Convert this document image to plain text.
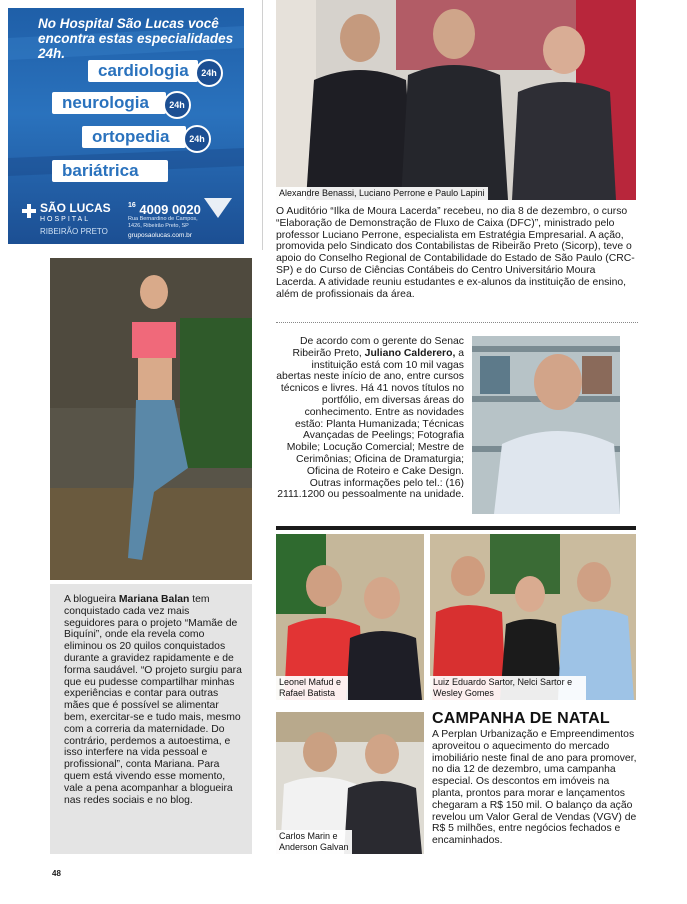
No Hospital São Lucas você encontra estas especialidades 24h.
cardiologia	24h
neurologia	24h
ortopedia	24h
bariátrica
SÃO LUCAS
HOSPITAL
RIBEIRÃO PRETO
$^{16}$ 4009 0020
Rua Bernardino de Campos, 1426, Ribeirão Preto, SP
gruposaolucas.com.br
Alexandre Benassi, Luciano Perrone e Paulo Lapini
O Auditório “Ilka de Moura Lacerda” recebeu, no dia 8 de dezembro, o curso “Elaboração de Demonstração de Fluxo de Caixa (DFC)”, ministrado pelo professor Luciano Perrone, especialista em Estratégia Empresarial. A ação, promovida pelo Sindicato dos Contabilistas de Ribeirão Preto (Sicorp), teve o apoio do Conselho Regional de Contabilidade do Estado de São Paulo (CRC-SP) e do Curso de Ciências Contábeis do Centro Universitário Moura Lacerda. A atividade reuniu estudantes e ex-alunos da instituição de ensino, além de profissionais da área.
De acordo com o gerente do Senac Ribeirão Preto, Juliano Calderero, a instituição está com 10 mil vagas abertas neste início de ano, entre cursos técnicos e livres. Há 41 novos títulos no portfólio, em diversas áreas do conhecimento. Entre as novidades estão: Planta Humanizada; Técnicas Avançadas de Peelings; Fotografia Mobile; Locução Comercial; Mestre de Cerimônias; Oficina de Dramaturgia; Oficina de Roteiro e Cake Design. Outras informações pelo tel.: (16) 2111.1200 ou pessoalmente na unidade.
A blogueira Mariana Balan tem conquistado cada vez mais seguidores para o projeto “Mamãe de Biquíni”, onde ela revela como eliminou os 20 quilos conquistados durante a gravidez rapidamente e de forma saudável. “O projeto surgiu para que eu pudesse compartilhar minhas experiências e contar para outras mães que é possível se alimentar bem, exercitar-se e tudo mais, mesmo com a correria da maternidade. Do contrário, perdemos a autoestima, e isso interfere na vida pessoal e profissional”, conta Mariana. Para quem está vivendo esse momento, vale a pena acompanhar a blogueira nas redes sociais e no blog.
Leonel Mafud e Rafael Batista
Luiz Eduardo Sartor, Nelci Sartor e Wesley Gomes
Carlos Marin e Anderson Galvan
CAMPANHA DE NATAL
A Perplan Urbanização e Empreendimentos aproveitou o aquecimento do mercado imobiliário neste final de ano para promover, no dia 12 de dezembro, uma campanha especial. Os descontos em imóveis na planta, prontos para morar e lançamentos chegaram a R$ 150 mil. O balanço da ação revelou um Valor Geral de Vendas (VGV) de R$ 5 milhões, entre negócios fechados e encaminhados.
48
